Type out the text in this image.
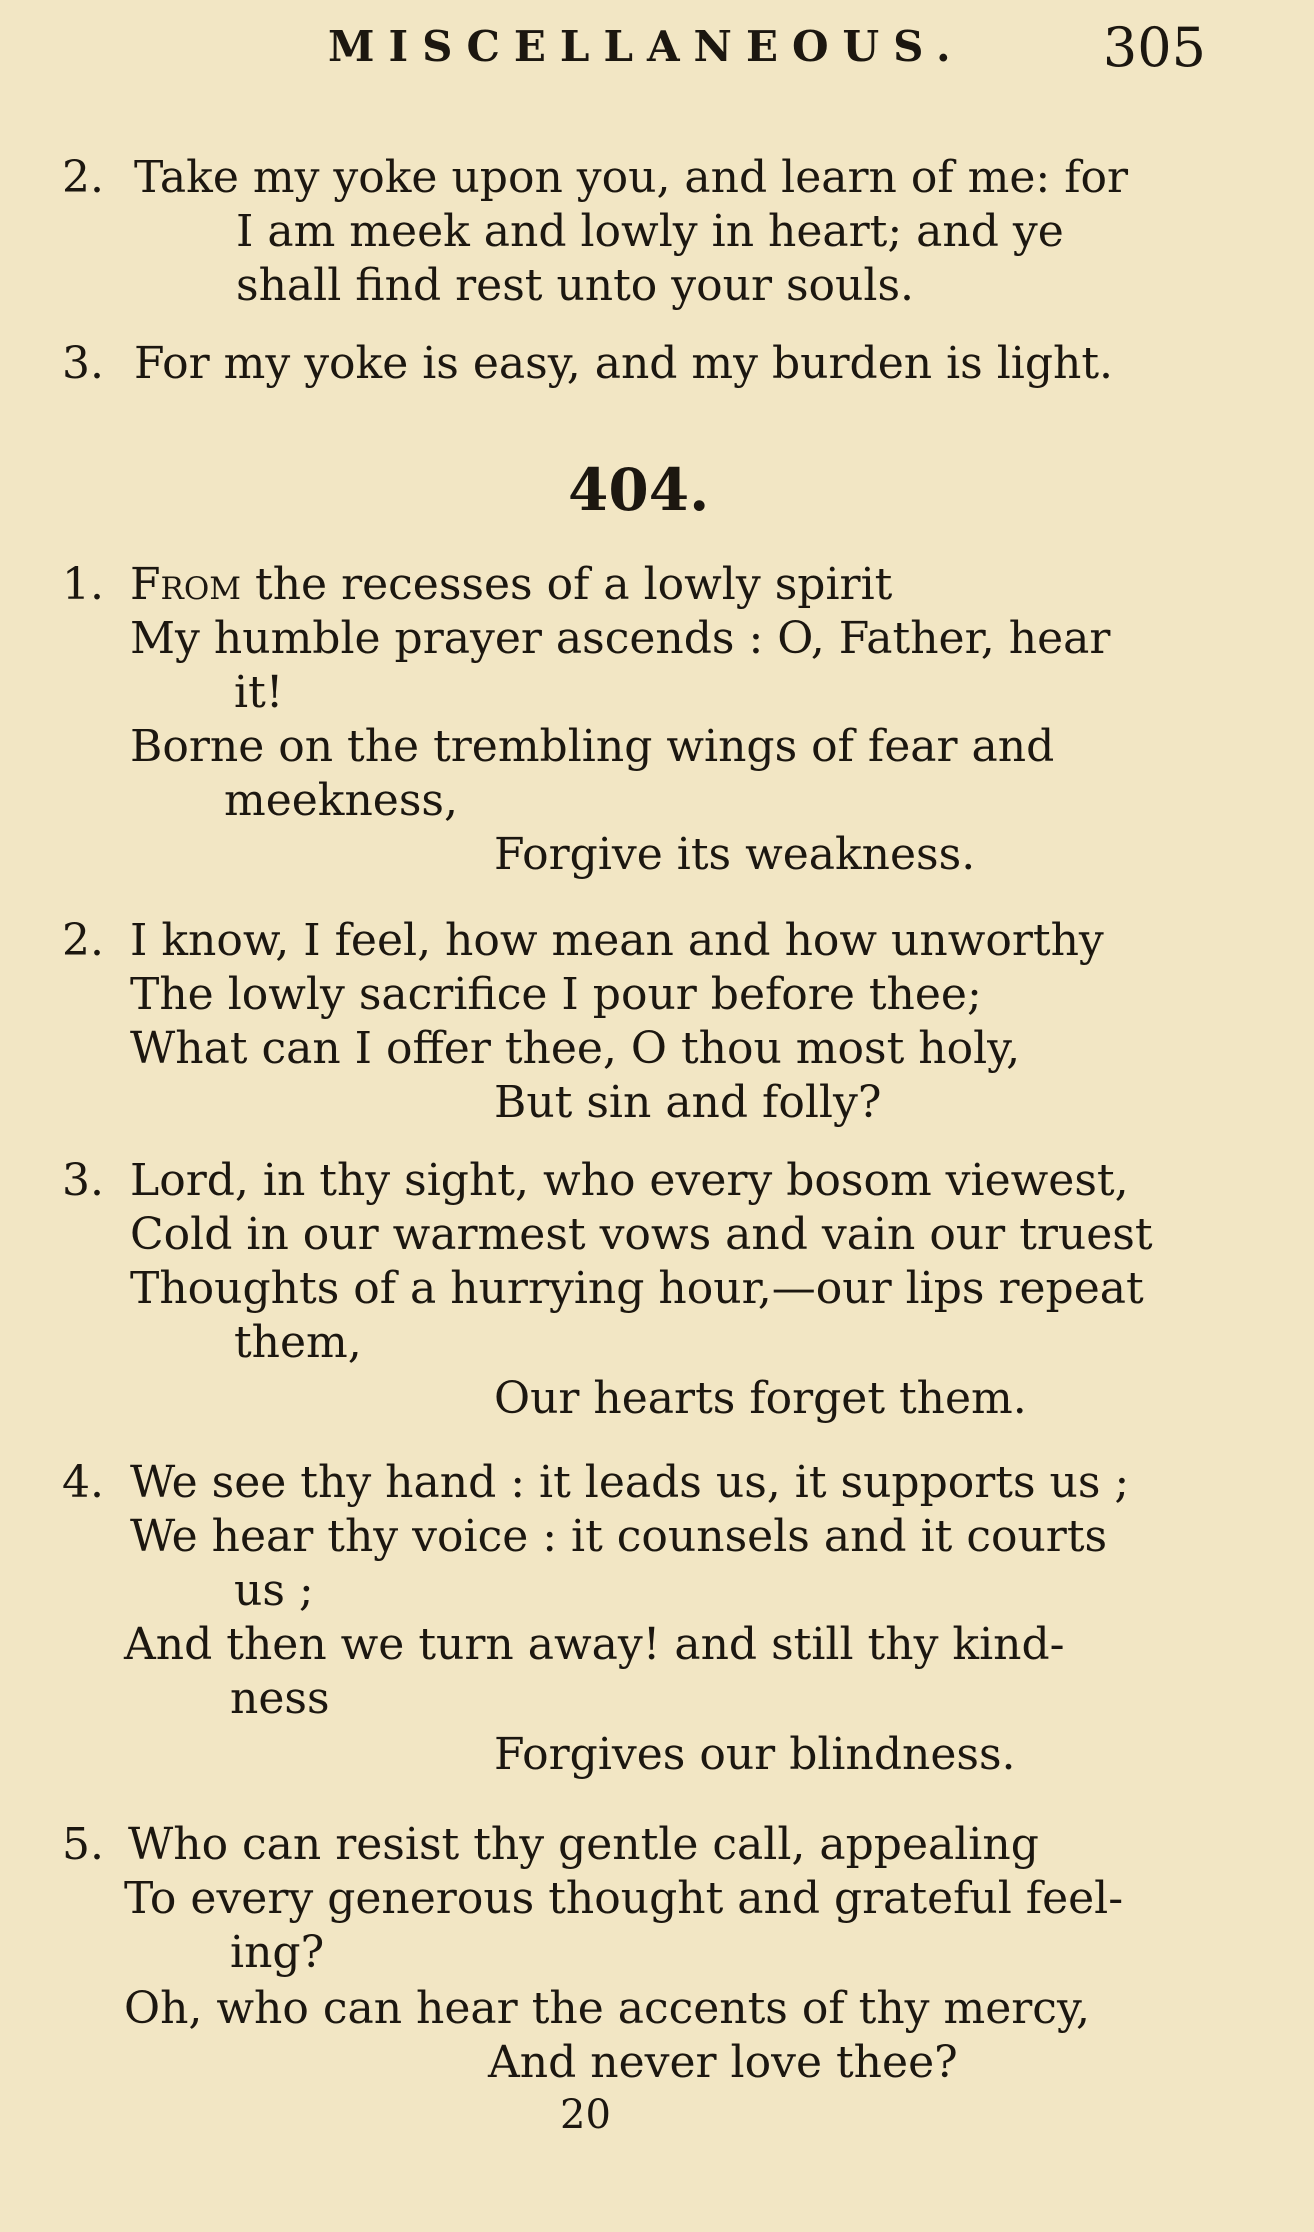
MISCELLANEOUS.	305
2. Take my yoke upon you, and learn of me: for
I am meek and lowly in heart; and ye
shall find rest unto your souls.
3. For my yoke is easy, and my burden is light.
404.
1. From the recesses of a lowly spirit
My humble prayer ascends : O, Father, hear
it!
Borne on the trembling wings of fear and
meekness,
Forgive its weakness.
2. I know, I feel, how mean and how unworthy
The lowly sacrifice I pour before thee;
What can I offer thee, O thou most holy,
But sin and folly?
3. Lord, in thy sight, who every bosom viewest,
Cold in our warmest vows and vain our truest
Thoughts of a hurrying hour,—our lips repeat
them,
Our hearts forget them.
4. We see thy hand : it leads us, it supports us ;
We hear thy voice : it counsels and it courts
us ;
And then we turn away! and still thy kind-
ness
Forgives our blindness.
5. Who can resist thy gentle call, appealing
To every generous thought and grateful feel-
ing?
Oh, who can hear the accents of thy mercy,
And never love thee?
20
